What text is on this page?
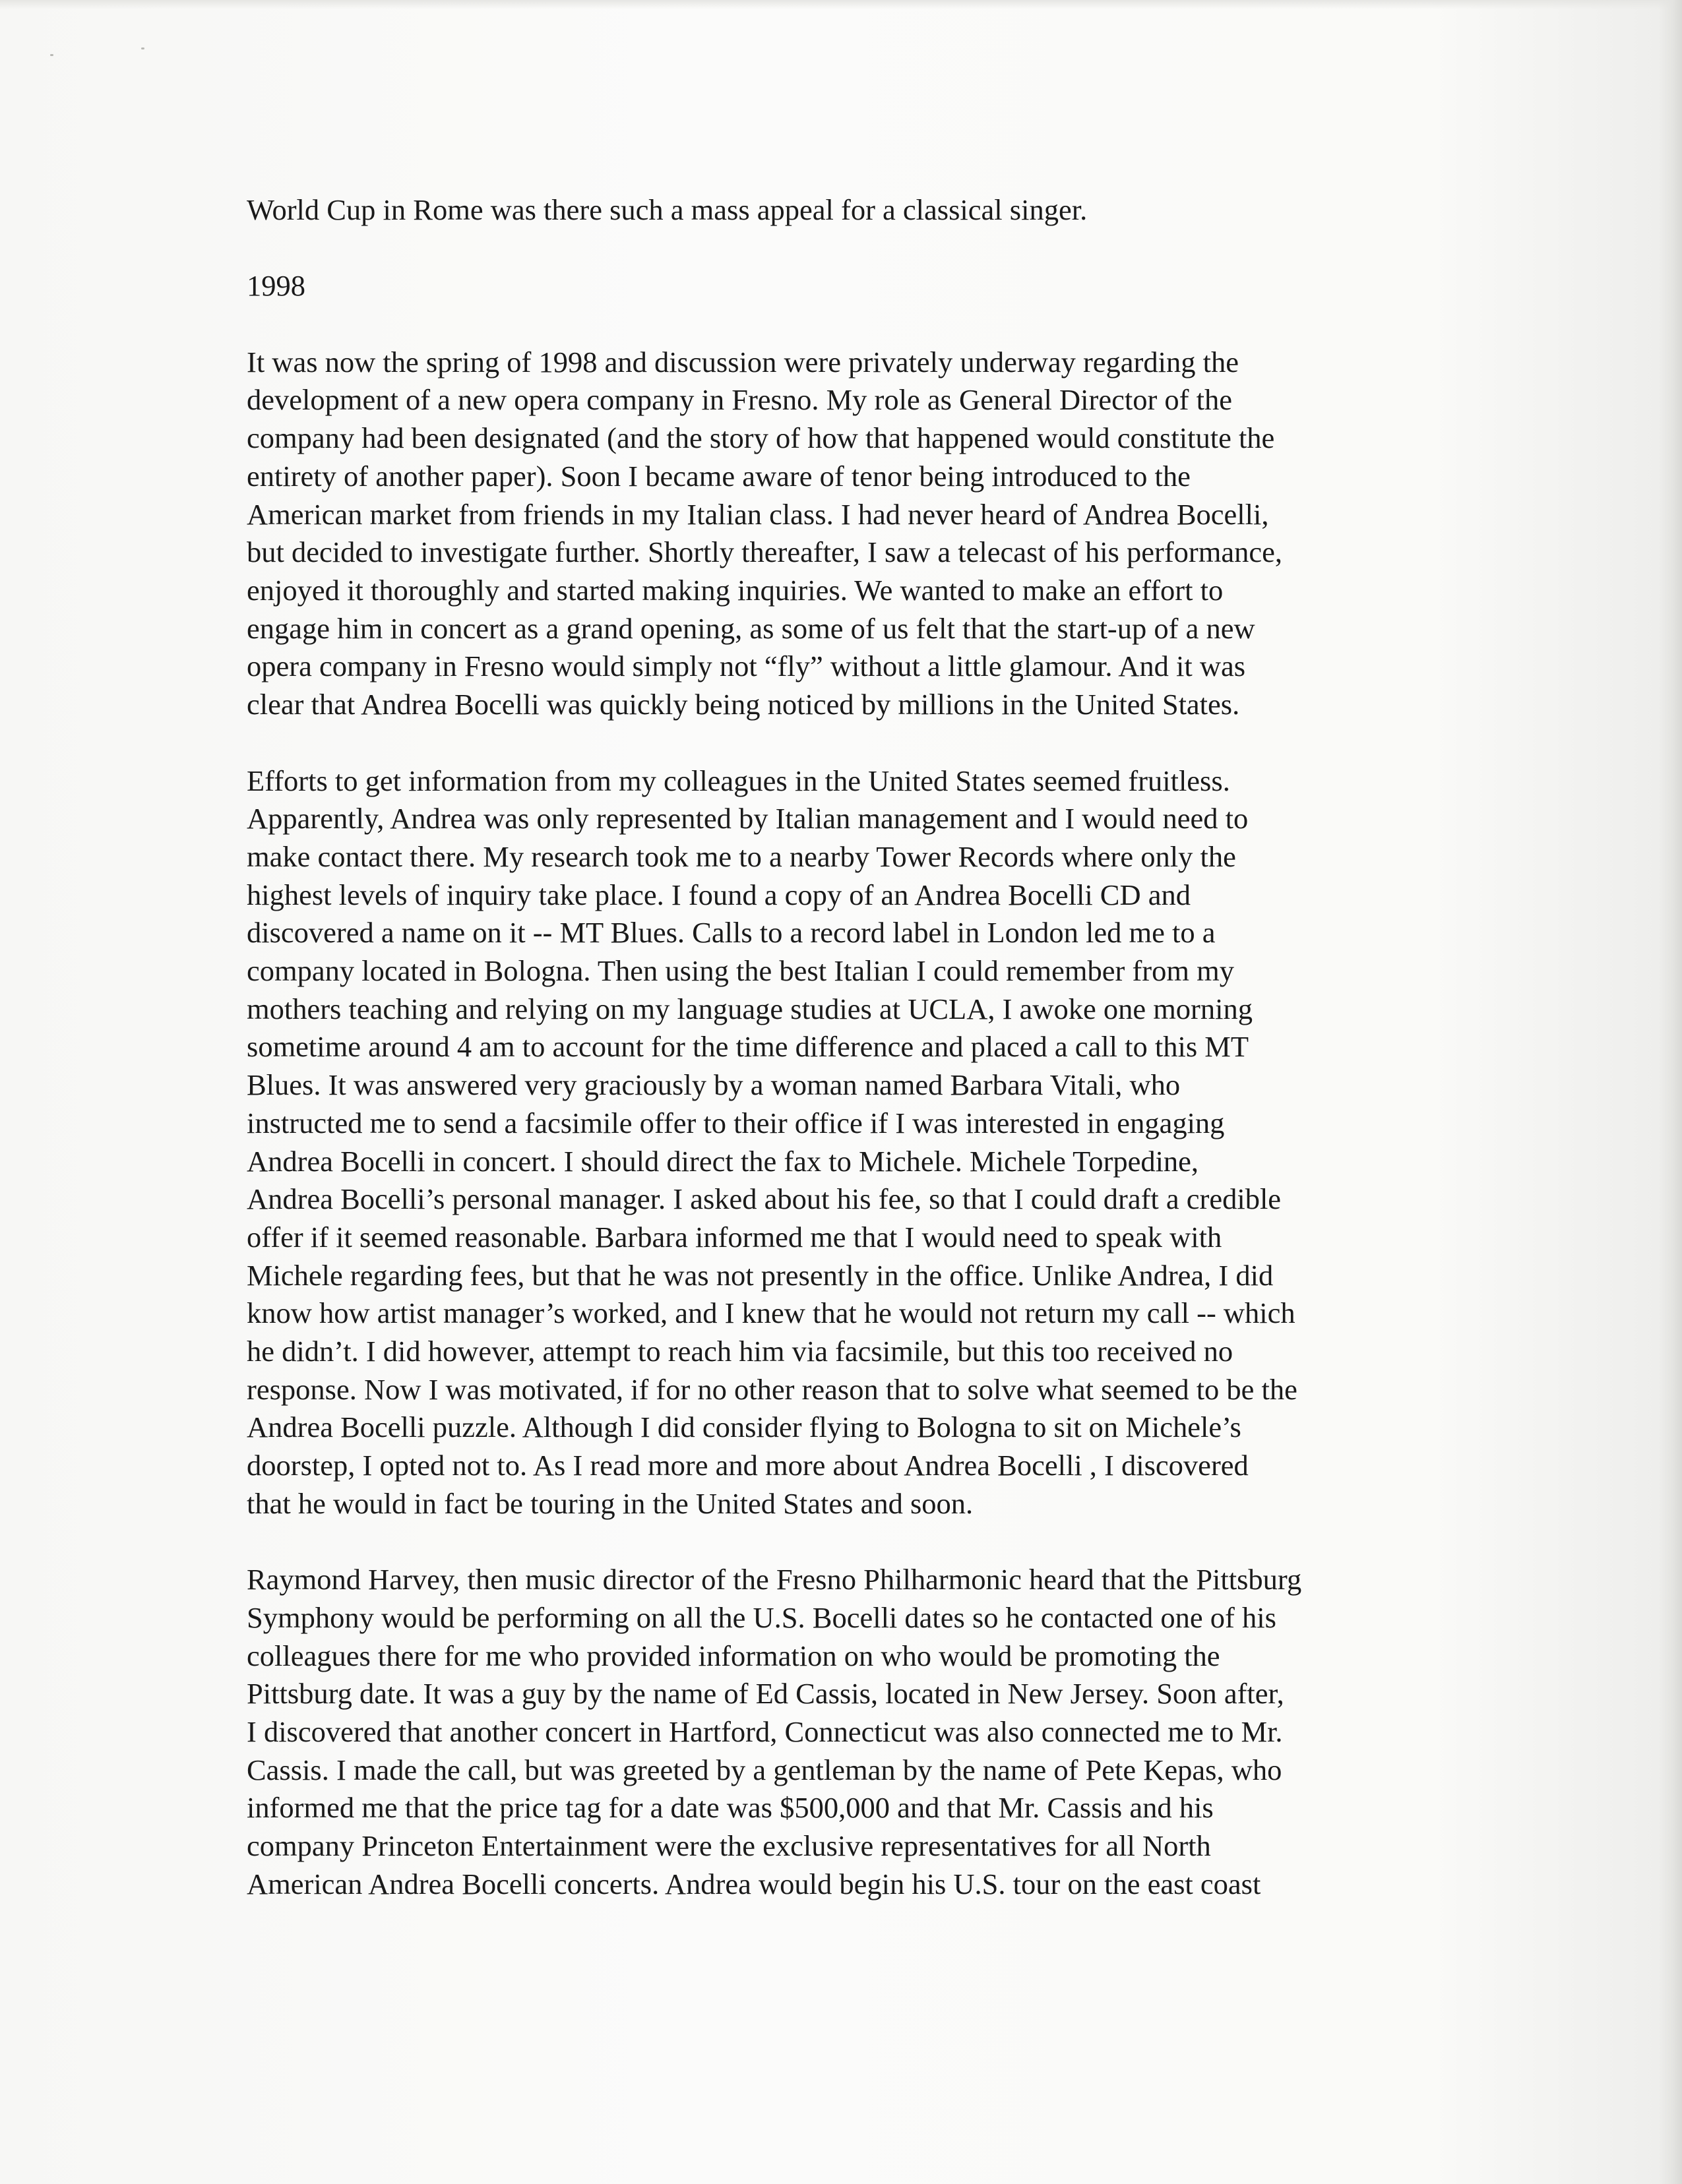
World Cup in Rome was there such a mass appeal for a classical singer.
1998
It was now the spring of 1998 and discussion were privately underway regarding the
development of a new opera company in Fresno. My role as General Director of the
company had been designated (and the story of how that happened would constitute the
entirety of another paper). Soon I became aware of tenor being introduced to the
American market from friends in my Italian class. I had never heard of Andrea Bocelli,
but decided to investigate further. Shortly thereafter, I saw a telecast of his performance,
enjoyed it thoroughly and started making inquiries. We wanted to make an effort to
engage him in concert as a grand opening, as some of us felt that the start-up of a new
opera company in Fresno would simply not “fly” without a little glamour. And it was
clear that Andrea Bocelli was quickly being noticed by millions in the United States.
Efforts to get information from my colleagues in the United States seemed fruitless.
Apparently, Andrea was only represented by Italian management and I would need to
make contact there. My research took me to a nearby Tower Records where only the
highest levels of inquiry take place. I found a copy of an Andrea Bocelli CD and
discovered a name on it -- MT Blues. Calls to a record label in London led me to a
company located in Bologna. Then using the best Italian I could remember from my
mothers teaching and relying on my language studies at UCLA, I awoke one morning
sometime around 4 am to account for the time difference and placed a call to this MT
Blues. It was answered very graciously by a woman named Barbara Vitali, who
instructed me to send a facsimile offer to their office if I was interested in engaging
Andrea Bocelli in concert. I should direct the fax to Michele. Michele Torpedine,
Andrea Bocelli’s personal manager. I asked about his fee, so that I could draft a credible
offer if it seemed reasonable. Barbara informed me that I would need to speak with
Michele regarding fees, but that he was not presently in the office. Unlike Andrea, I did
know how artist manager’s worked, and I knew that he would not return my call -- which
he didn’t. I did however, attempt to reach him via facsimile, but this too received no
response. Now I was motivated, if for no other reason that to solve what seemed to be the
Andrea Bocelli puzzle. Although I did consider flying to Bologna to sit on Michele’s
doorstep, I opted not to. As I read more and more about Andrea Bocelli , I discovered
that he would in fact be touring in the United States and soon.
Raymond Harvey, then music director of the Fresno Philharmonic heard that the Pittsburg
Symphony would be performing on all the U.S. Bocelli dates so he contacted one of his
colleagues there for me who provided information on who would be promoting the
Pittsburg date. It was a guy by the name of Ed Cassis, located in New Jersey. Soon after,
I discovered that another concert in Hartford, Connecticut was also connected me to Mr.
Cassis. I made the call, but was greeted by a gentleman by the name of Pete Kepas, who
informed me that the price tag for a date was $500,000 and that Mr. Cassis and his
company Princeton Entertainment were the exclusive representatives for all North
American Andrea Bocelli concerts. Andrea would begin his U.S. tour on the east coast
